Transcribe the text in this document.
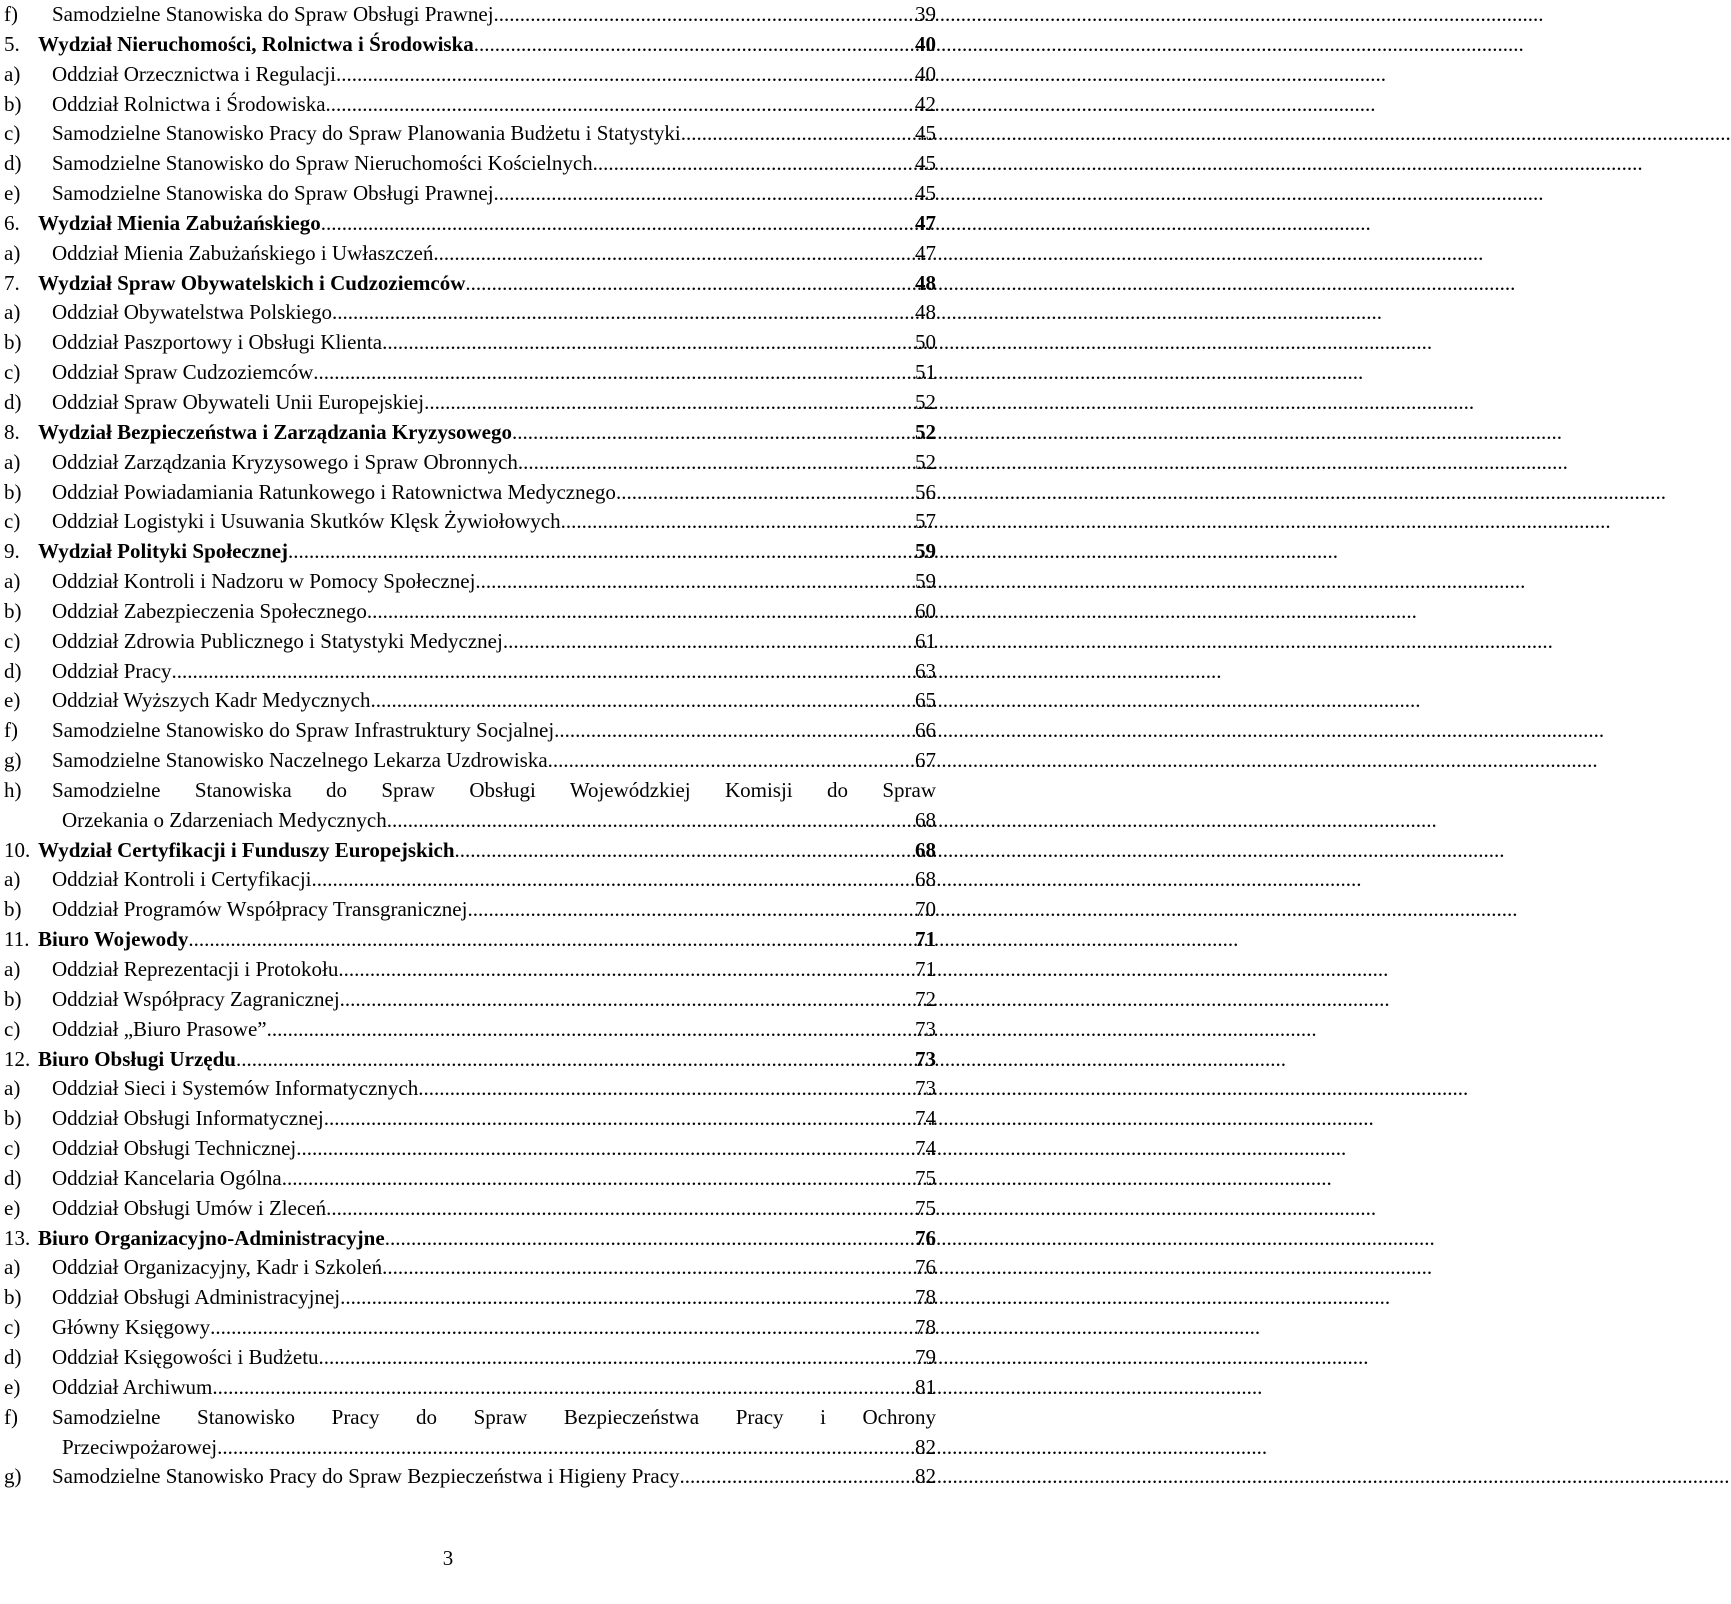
f)	Samodzielne Stanowiska do Spraw Obsługi Prawnej .....	39
5. Wydział Nieruchomości, Rolnictwa i Środowiska .....	40
a)	Oddział Orzecznictwa i Regulacji .....	40
b)	Oddział Rolnictwa i Środowiska .....	42
c)	Samodzielne Stanowisko Pracy do Spraw Planowania Budżetu i Statystyki .....	45
d)	Samodzielne Stanowisko do Spraw Nieruchomości Kościelnych .....	45
e)	Samodzielne Stanowiska do Spraw Obsługi Prawnej .....	45
6. Wydział Mienia Zabużańskiego .....	47
a)	Oddział Mienia Zabużańskiego i Uwłaszczeń .....	47
7. Wydział Spraw Obywatelskich i Cudzoziemców .....	48
a)	Oddział Obywatelstwa Polskiego .....	48
b)	Oddział Paszportowy i Obsługi Klienta .....	50
c)	Oddział Spraw Cudzoziemców .....	51
d)	Oddział Spraw Obywateli Unii Europejskiej .....	52
8. Wydział Bezpieczeństwa i Zarządzania Kryzysowego .....	52
a)	Oddział Zarządzania Kryzysowego i Spraw Obronnych .....	52
b)	Oddział Powiadamiania Ratunkowego i Ratownictwa Medycznego .....	56
c)	Oddział Logistyki i Usuwania Skutków Klęsk Żywiołowych .....	57
9. Wydział Polityki Społecznej .....	59
a)	Oddział Kontroli i Nadzoru w Pomocy Społecznej .....	59
b)	Oddział Zabezpieczenia Społecznego .....	60
c)	Oddział Zdrowia Publicznego i Statystyki Medycznej .....	61
d)	Oddział Pracy .....	63
e)	Oddział Wyższych Kadr Medycznych .....	65
f)	Samodzielne Stanowisko do Spraw Infrastruktury Socjalnej .....	66
g)	Samodzielne Stanowisko Naczelnego Lekarza Uzdrowiska .....	67
h)	Samodzielne Stanowiska do Spraw Obsługi Wojewódzkiej Komisji do Spraw
Orzekania o Zdarzeniach Medycznych .....	68
10. Wydział Certyfikacji i Funduszy Europejskich .....	68
a)	Oddział Kontroli i Certyfikacji .....	68
b)	Oddział Programów Współpracy Transgranicznej .....	70
11. Biuro Wojewody .....	71
a)	Oddział Reprezentacji i Protokołu .....	71
b)	Oddział Współpracy Zagranicznej .....	72
c)	Oddział „Biuro Prasowe” .....	73
12. Biuro Obsługi Urzędu .....	73
a)	Oddział Sieci i Systemów Informatycznych .....	73
b)	Oddział Obsługi Informatycznej .....	74
c)	Oddział Obsługi Technicznej .....	74
d)	Oddział Kancelaria Ogólna .....	75
e)	Oddział Obsługi Umów i Zleceń .....	75
13. Biuro Organizacyjno-Administracyjne .....	76
a)	Oddział Organizacyjny, Kadr i Szkoleń .....	76
b)	Oddział Obsługi Administracyjnej .....	78
c)	Główny Księgowy .....	78
d)	Oddział Księgowości i Budżetu .....	79
e)	Oddział Archiwum .....	81
f)	Samodzielne Stanowisko Pracy do Spraw Bezpieczeństwa Pracy i Ochrony
Przeciwpożarowej .....	82
g)	Samodzielne Stanowisko Pracy do Spraw Bezpieczeństwa i Higieny Pracy .....	82
3
